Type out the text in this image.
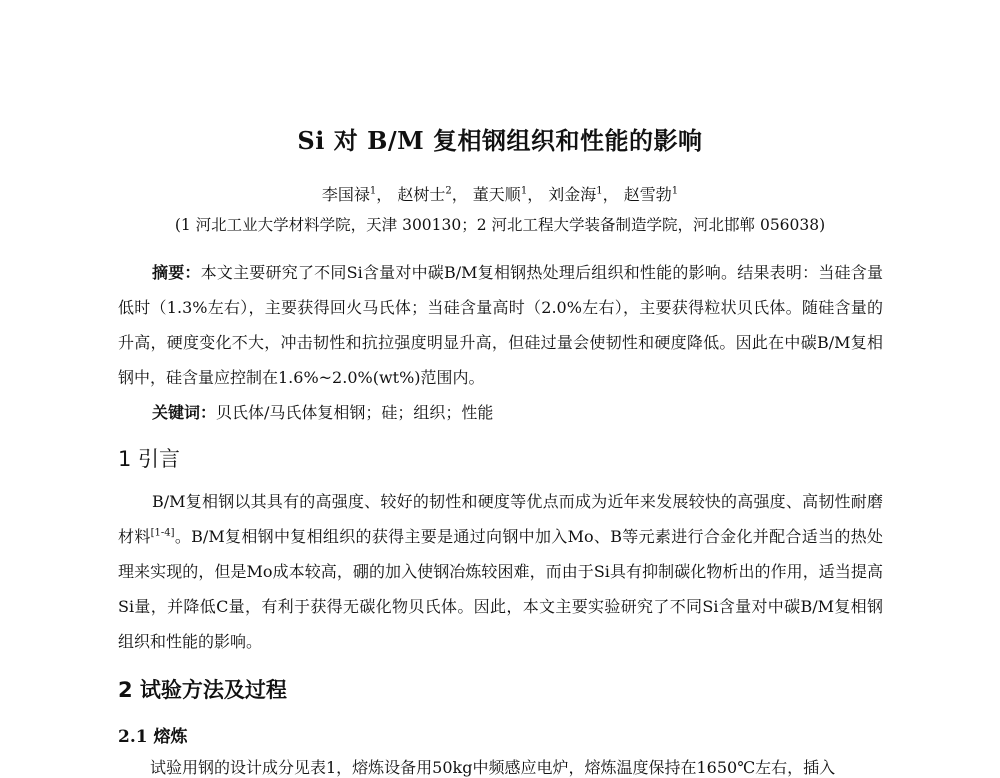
Si 对 B/M 复相钢组织和性能的影响
李国禄$^1$， 赵树士$^2$， 董天顺$^1$， 刘金海$^1$， 赵雪勃$^1$
(1 河北工业大学材料学院，天津 300130；2 河北工程大学装备制造学院，河北邯郸 056038)

摘要：本文主要研究了不同Si含量对中碳B/M复相钢热处理后组织和性能的影响。结果表明：当硅含量低时（1.3%左右），主要获得回火马氏体；当硅含量高时（2.0%左右），主要获得粒状贝氏体。随硅含量的升高，硬度变化不大，冲击韧性和抗拉强度明显升高，但硅过量会使韧性和硬度降低。因此在中碳B/M复相钢中，硅含量应控制在1.6%~2.0%(wt%)范围内。

关键词：贝氏体/马氏体复相钢；硅；组织；性能

1 引言

B/M复相钢以其具有的高强度、较好的韧性和硬度等优点而成为近年来发展较快的高强度、高韧性耐磨材料[1-4]。B/M复相钢中复相组织的获得主要是通过向钢中加入Mo、B等元素进行合金化并配合适当的热处理来实现的，但是Mo成本较高，硼的加入使钢冶炼较困难，而由于Si具有抑制碳化物析出的作用，适当提高Si量，并降低C量，有利于获得无碳化物贝氏体。因此，本文主要实验研究了不同Si含量对中碳B/M复相钢组织和性能的影响。

2 试验方法及过程
2.1 熔炼
试验用钢的设计成分见表1，熔炼设备用50kg中频感应电炉，熔炼温度保持在1650℃左右，插入
